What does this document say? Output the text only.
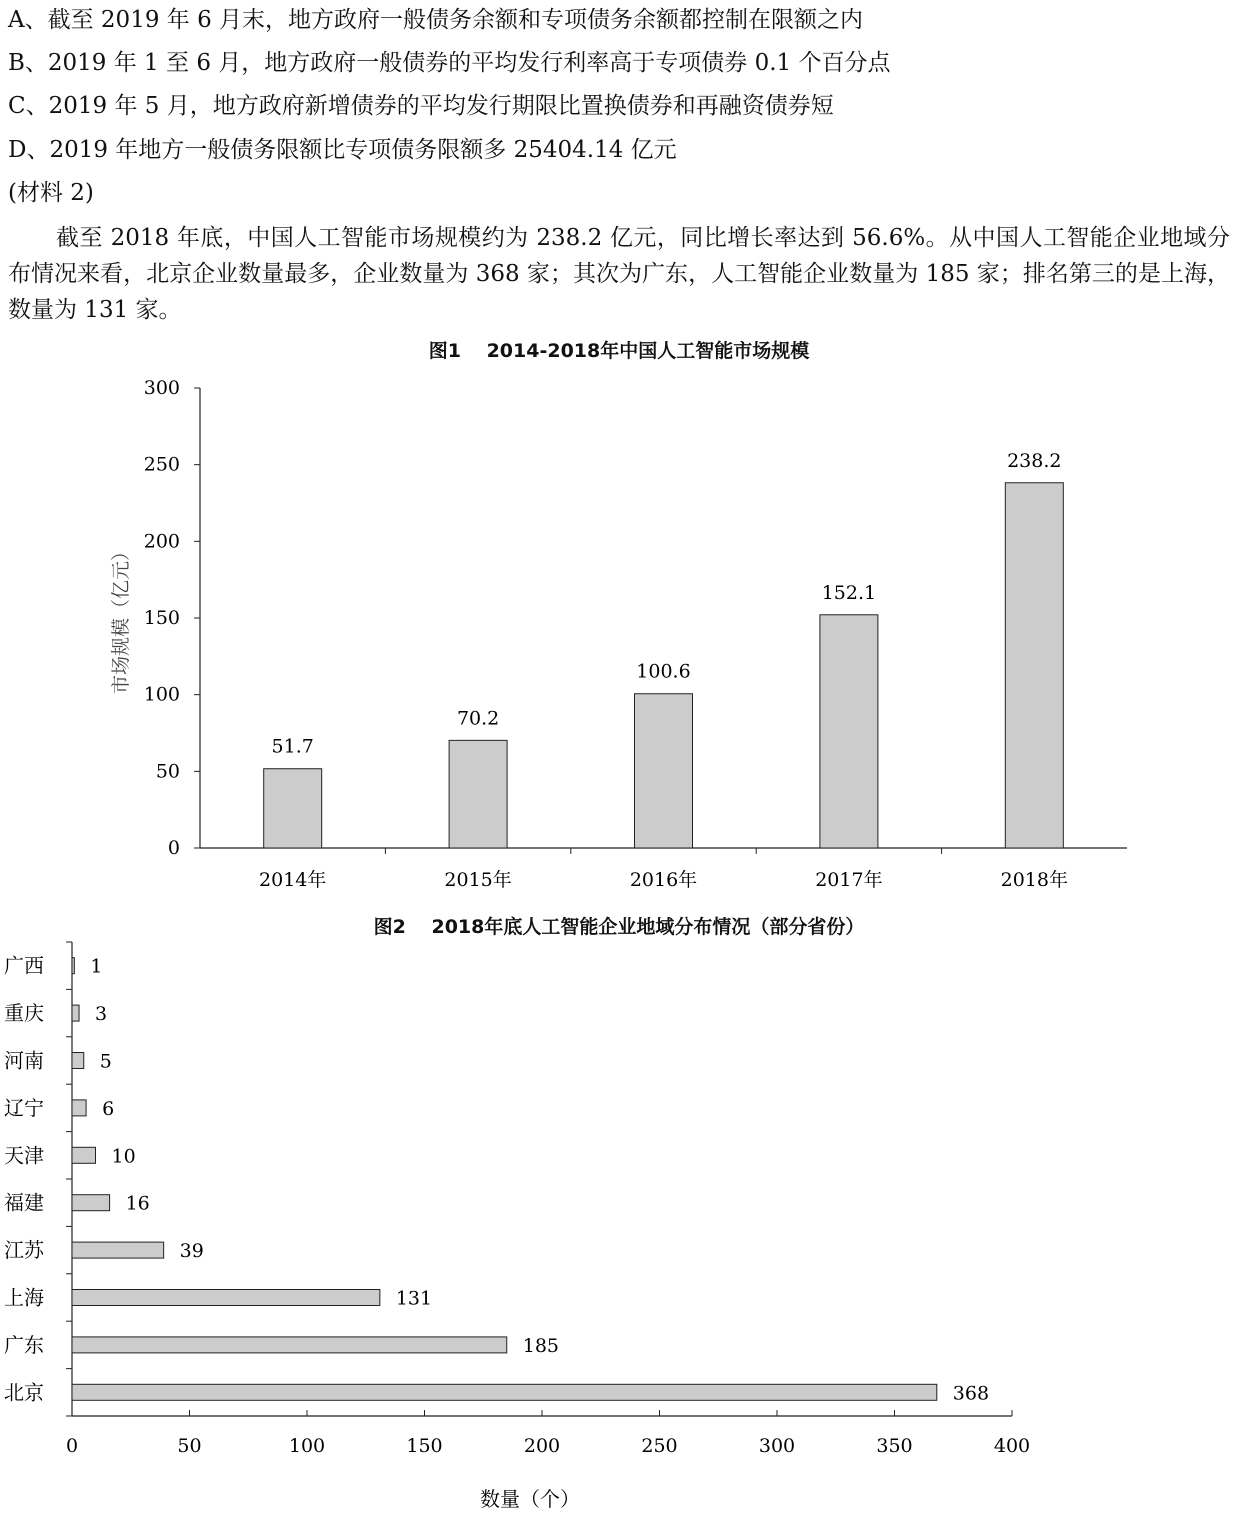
A、截至 2019 年 6 月末，地方政府一般债务余额和专项债务余额都控制在限额之内
B、2019 年 1 至 6 月，地方政府一般债券的平均发行利率高于专项债券 0.1 个百分点
C、2019 年 5 月，地方政府新增债券的平均发行期限比置换债券和再融资债券短
D、2019 年地方一般债务限额比专项债务限额多 25404.14 亿元
(材料 2)
截至 2018 年底，中国人工智能市场规模约为 238.2 亿元，同比增长率达到 56.6%。从中国人工智能企业地域分布情况来看，北京企业数量最多，企业数量为 368 家；其次为广东，人工智能企业数量为 185 家；排名第三的是上海，数量为 131 家。
图1　 2014-2018年中国人工智能市场规模
0
50
100
150
200
250
300
51.7
2014年
70.2
2015年
100.6
2016年
152.1
2017年
238.2
2018年
市场规模（亿元）
图2　 2018年底人工智能企业地域分布情况（部分省份）
0	50	100	150	200	250	300	350	400
1
广西
3
重庆
5
河南
6
辽宁
10
天津
16
福建
39
江苏
131
上海
185
广东
368
北京
数量（个）
